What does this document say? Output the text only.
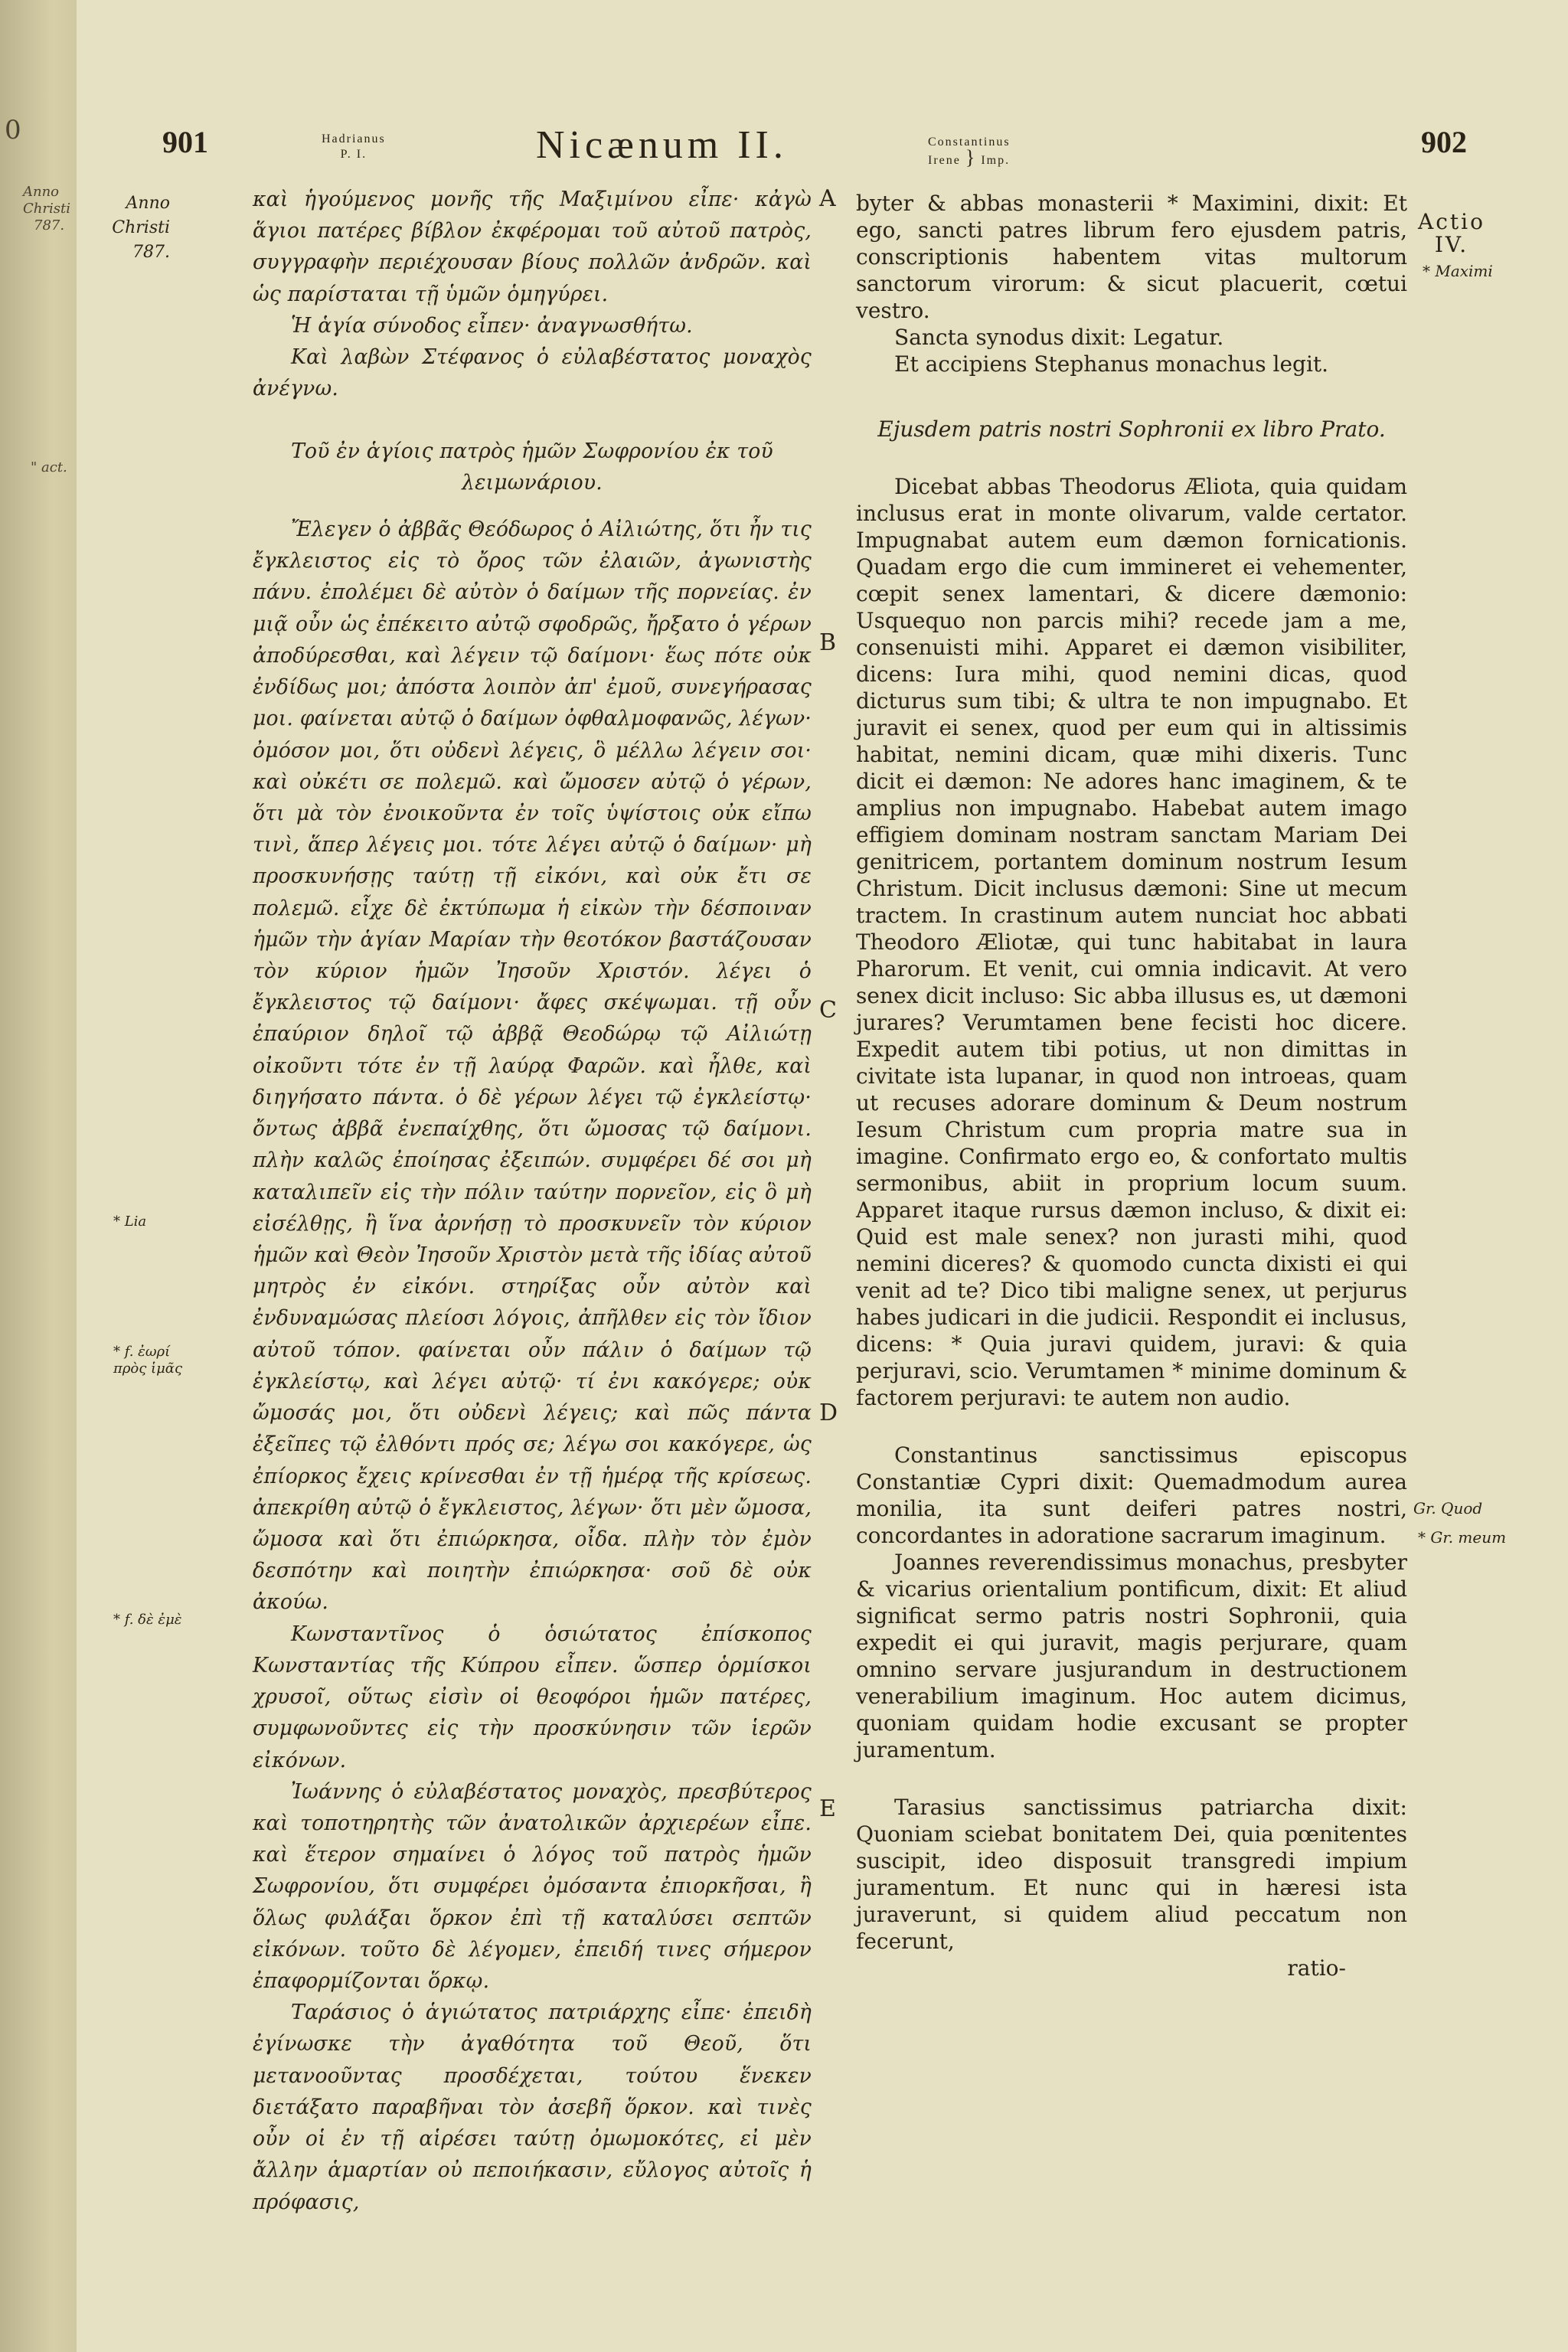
0
Anno
Christi
787.
" act.
901	Hadrianus
P. I.	Nicænum II.	Constantinus
Irene } Imp.
902
Anno
Christi
787.
* Lia
* f. ἐωρί
πρὸς ἱμᾶς
* f. δὲ ἐμὲ

καὶ ἡγούμενος μονῆς τῆς Μαξιμίνου εἶπε· κἀγὼ ἅγιοι πατέρες βίβλον ἐκφέρομαι τοῦ αὐτοῦ πατρὸς, συγγραφὴν περιέχουσαν βίους πολλῶν ἀνδρῶν. καὶ ὡς παρίσταται τῇ ὑμῶν ὁμηγύρει.

Ἡ ἁγία σύνοδος εἶπεν· ἀναγνωσθήτω.

Καὶ λαβὼν Στέφανος ὁ εὐλαβέστατος μοναχὸς ἀνέγνω.

Τοῦ ἐν ἁγίοις πατρὸς ἡμῶν Σωφρονίου ἐκ τοῦ λειμωνάριου.

Ἔλεγεν ὁ ἀββᾶς Θεόδωρος ὁ Αἰλιώτης, ὅτι ἦν τις ἔγκλειστος εἰς τὸ ὄρος τῶν ἐλαιῶν, ἀγωνιστὴς πάνυ. ἐπολέμει δὲ αὐτὸν ὁ δαίμων τῆς πορνείας. ἐν μιᾷ οὖν ὡς ἐπέκειτο αὐτῷ σφοδρῶς, ἤρξατο ὁ γέρων ἀποδύρεσθαι, καὶ λέγειν τῷ δαίμονι· ἕως πότε οὐκ ἐνδίδως μοι; ἀπόστα λοιπὸν ἀπ' ἐμοῦ, συνεγήρασας μοι. φαίνεται αὐτῷ ὁ δαίμων ὀφθαλμοφανῶς, λέγων· ὀμόσον μοι, ὅτι οὐδενὶ λέγεις, ὃ μέλλω λέγειν σοι· καὶ οὐκέτι σε πολεμῶ. καὶ ὤμοσεν αὐτῷ ὁ γέρων, ὅτι μὰ τὸν ἐνοικοῦντα ἐν τοῖς ὑψίστοις οὐκ εἴπω τινὶ, ἅπερ λέγεις μοι. τότε λέγει αὐτῷ ὁ δαίμων· μὴ προσκυνήσῃς ταύτῃ τῇ εἰκόνι, καὶ οὐκ ἔτι σε πολεμῶ. εἶχε δὲ ἐκτύπωμα ἡ εἰκὼν τὴν δέσποιναν ἡμῶν τὴν ἁγίαν Μαρίαν τὴν θεοτόκον βαστάζουσαν τὸν κύριον ἡμῶν Ἰησοῦν Χριστόν. λέγει ὁ ἔγκλειστος τῷ δαίμονι· ἄφες σκέψωμαι. τῇ οὖν ἐπαύριον δηλοῖ τῷ ἀββᾷ Θεοδώρῳ τῷ Αἰλιώτῃ οἰκοῦντι τότε ἐν τῇ λαύρᾳ Φαρῶν. καὶ ἦλθε, καὶ διηγήσατο πάντα. ὁ δὲ γέρων λέγει τῷ ἐγκλείστῳ· ὄντως ἀββᾶ ἐνεπαίχθης, ὅτι ὤμοσας τῷ δαίμονι. πλὴν καλῶς ἐποίησας ἐξειπών. συμφέρει δέ σοι μὴ καταλιπεῖν εἰς τὴν πόλιν ταύτην πορνεῖον, εἰς ὃ μὴ εἰσέλθῃς, ἢ ἵνα ἀρνήσῃ τὸ προσκυνεῖν τὸν κύριον ἡμῶν καὶ Θεὸν Ἰησοῦν Χριστὸν μετὰ τῆς ἰδίας αὐτοῦ μητρὸς ἐν εἰκόνι. στηρίξας οὖν αὐτὸν καὶ ἐνδυναμώσας πλείοσι λόγοις, ἀπῆλθεν εἰς τὸν ἴδιον αὐτοῦ τόπον. φαίνεται οὖν πάλιν ὁ δαίμων τῷ ἐγκλείστῳ, καὶ λέγει αὐτῷ· τί ἐνι κακόγερε; οὐκ ὤμοσάς μοι, ὅτι οὐδενὶ λέγεις; καὶ πῶς πάντα ἐξεῖπες τῷ ἐλθόντι πρός σε; λέγω σοι κακόγερε, ὡς ἐπίορκος ἔχεις κρίνεσθαι ἐν τῇ ἡμέρᾳ τῆς κρίσεως. ἀπεκρίθη αὐτῷ ὁ ἔγκλειστος, λέγων· ὅτι μὲν ὤμοσα, ὤμοσα καὶ ὅτι ἐπιώρκησα, οἶδα. πλὴν τὸν ἐμὸν δεσπότην καὶ ποιητὴν ἐπιώρκησα· σοῦ δὲ οὐκ ἀκούω.

Κωνσταντῖνος ὁ ὁσιώτατος ἐπίσκοπος Κωνσταντίας τῆς Κύπρου εἶπεν. ὥσπερ ὁρμίσκοι χρυσοῖ, οὕτως εἰσὶν οἱ θεοφόροι ἡμῶν πατέρες, συμφωνοῦντες εἰς τὴν προσκύνησιν τῶν ἱερῶν εἰκόνων.

Ἰωάννης ὁ εὐλαβέστατος μοναχὸς, πρεσβύτερος καὶ τοποτηρητὴς τῶν ἀνατολικῶν ἀρχιερέων εἶπε. καὶ ἕτερον σημαίνει ὁ λόγος τοῦ πατρὸς ἡμῶν Σωφρονίου, ὅτι συμφέρει ὀμόσαντα ἐπιορκῆσαι, ἢ ὅλως φυλάξαι ὅρκον ἐπὶ τῇ καταλύσει σεπτῶν εἰκόνων. τοῦτο δὲ λέγομεν, ἐπειδή τινες σήμερον ἐπαφορμίζονται ὅρκῳ.

Ταράσιος ὁ ἁγιώτατος πατριάρχης εἶπε· ἐπειδὴ ἐγίνωσκε τὴν ἀγαθότητα τοῦ Θεοῦ, ὅτι μετανοοῦντας προσδέχεται, τούτου ἕνεκεν διετάξατο παραβῆναι τὸν ἀσεβῆ ὅρκον. καὶ τινὲς οὖν οἱ ἐν τῇ αἱρέσει ταύτῃ ὀμωμοκότες, εἰ μὲν ἄλλην ἁμαρτίαν οὐ πεποιήκασιν, εὔλογος αὐτοῖς ἡ πρόφασις,

A
B
C
D
E

byter & abbas monasterii * Maximini, dixit: Et ego, sancti patres librum fero ejusdem patris, conscriptionis habentem vitas multorum sanctorum virorum: & sicut placuerit, cœtui vestro.

Sancta synodus dixit: Legatur.

Et accipiens Stephanus monachus legit.

Ejusdem patris nostri Sophronii ex libro Prato.

Dicebat abbas Theodorus Æliota, quia quidam inclusus erat in monte olivarum, valde certator. Impugnabat autem eum dæmon fornicationis. Quadam ergo die cum immineret ei vehementer, cœpit senex lamentari, & dicere dæmonio: Usquequo non parcis mihi? recede jam a me, consenuisti mihi. Apparet ei dæmon visibiliter, dicens: Iura mihi, quod nemini dicas, quod dicturus sum tibi; & ultra te non impugnabo. Et juravit ei senex, quod per eum qui in altissimis habitat, nemini dicam, quæ mihi dixeris. Tunc dicit ei dæmon: Ne adores hanc imaginem, & te amplius non impugnabo. Habebat autem imago effigiem dominam nostram sanctam Mariam Dei genitricem, portantem dominum nostrum Iesum Christum. Dicit inclusus dæmoni: Sine ut mecum tractem. In crastinum autem nunciat hoc abbati Theodoro Æliotæ, qui tunc habitabat in laura Pharorum. Et venit, cui omnia indicavit. At vero senex dicit incluso: Sic abba illusus es, ut dæmoni jurares? Verumtamen bene fecisti hoc dicere. Expedit autem tibi potius, ut non dimittas in civitate ista lupanar, in quod non introeas, quam ut recuses adorare dominum & Deum nostrum Iesum Christum cum propria matre sua in imagine. Confirmato ergo eo, & confortato multis sermonibus, abiit in proprium locum suum. Apparet itaque rursus dæmon incluso, & dixit ei: Quid est male senex? non jurasti mihi, quod nemini diceres? & quomodo cuncta dixisti ei qui venit ad te? Dico tibi maligne senex, ut perjurus habes judicari in die judicii. Respondit ei inclusus, dicens: * Quia juravi quidem, juravi: & quia perjuravi, scio. Verumtamen * minime dominum & factorem perjuravi: te autem non audio.

Constantinus sanctissimus episcopus Constantiæ Cypri dixit: Quemadmodum aurea monilia, ita sunt deiferi patres nostri, concordantes in adoratione sacrarum imaginum.

Joannes reverendissimus monachus, presbyter & vicarius orientalium pontificum, dixit: Et aliud significat sermo patris nostri Sophronii, quia expedit ei qui juravit, magis perjurare, quam omnino servare jusjurandum in destructionem venerabilium imaginum. Hoc autem dicimus, quoniam quidam hodie excusant se propter juramentum.

Tarasius sanctissimus patriarcha dixit: Quoniam sciebat bonitatem Dei, quia pœnitentes suscipit, ideo disposuit transgredi impium juramentum. Et nunc qui in hæresi ista juraverunt, si quidem aliud peccatum non fecerunt,

ratio-

Actio
IV.
* Maximi
Gr. Quod
* Gr. meum
